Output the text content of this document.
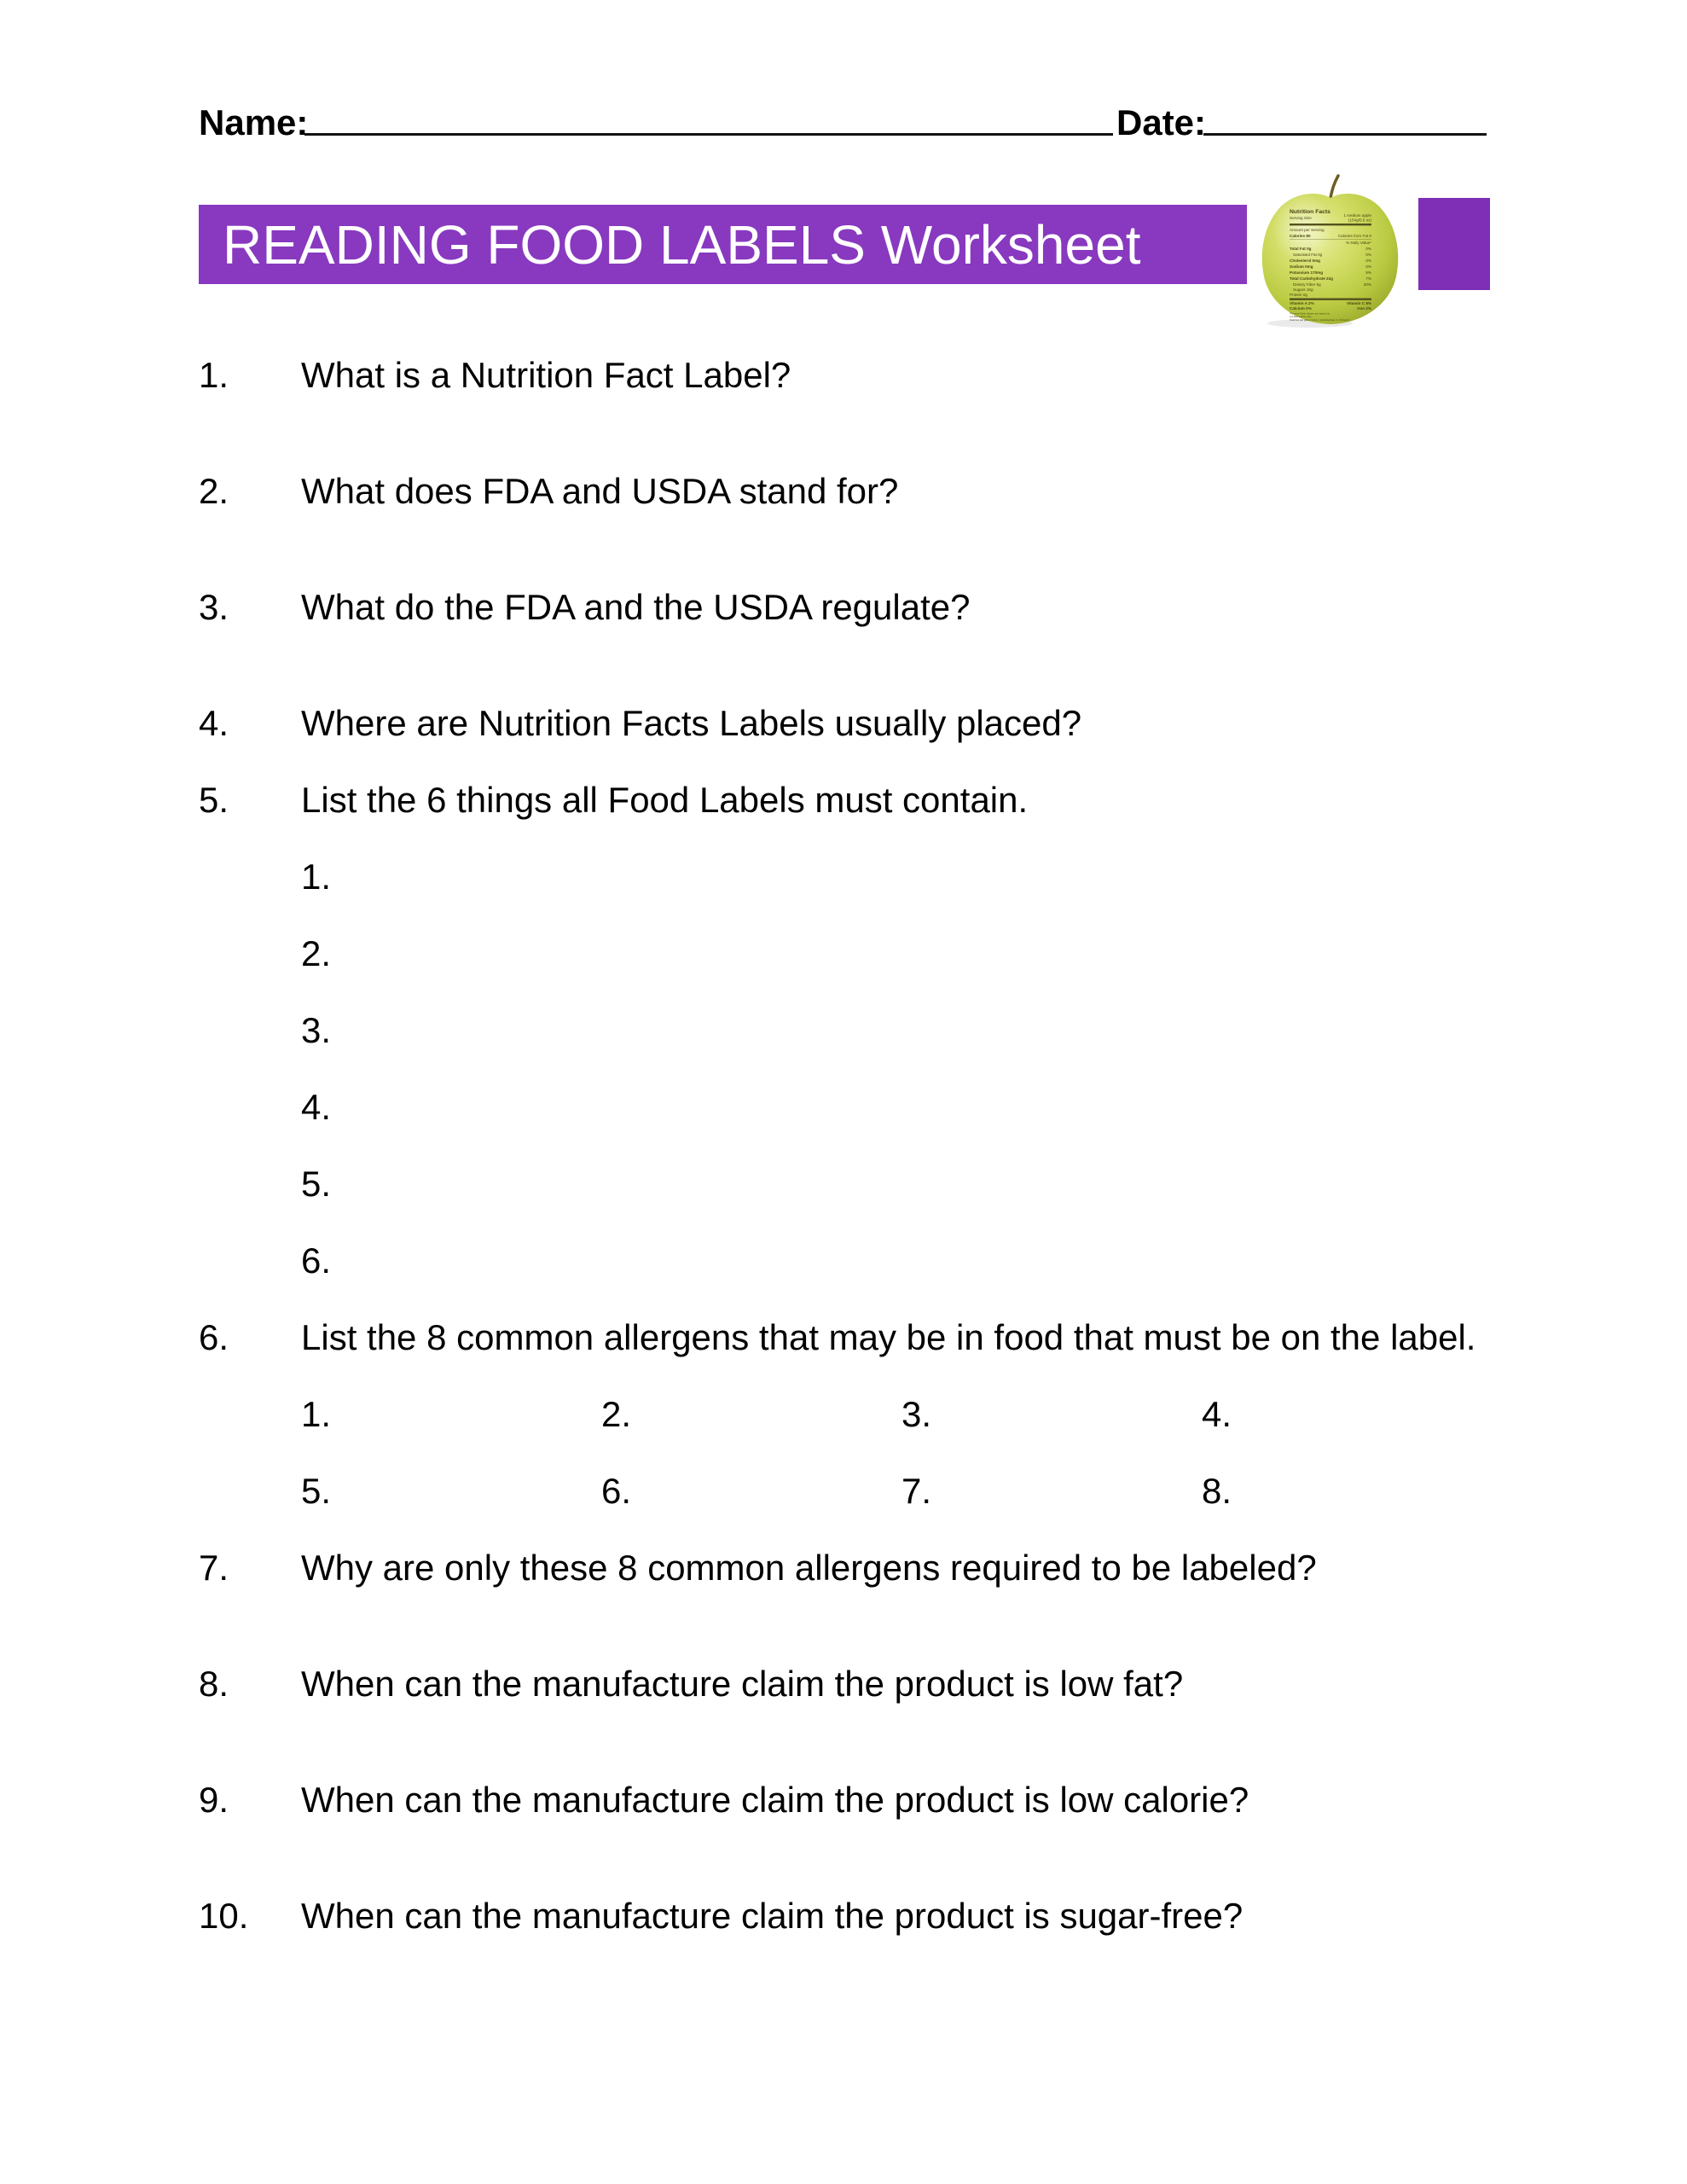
Name:	Date:
READING FOOD LABELS Worksheet
Nutrition Facts
Serving Size
1 medium apple
(154g/5.5 oz)
Amount per Serving
Calories 80	Calories from Fat 0
% Daily Value*
Total Fat 0g	0%
Saturated Fat 0g	0%
Cholesterol 0mg	0%
Sodium 0mg	0%
Potassium 170mg	5%
Total Carbohydrate 22g	7%
Dietary Fiber 5g	20%
Sugars 16g
Protein 0g
Vitamin A 2%	Vitamin C 8%
Calcium 0%	Iron 2%
*Percent Daily Values are based on
a 2,000 calorie diet.
Calories per gram: Fat 9 • Carbohydrate 4 • Protein 4
1. What is a Nutrition Fact Label?
2. What does FDA and USDA stand for?
3. What do the FDA and the USDA regulate?
4. Where are Nutrition Facts Labels usually placed?
5. List the 6 things all Food Labels must contain.
1.
2.
3.
4.
5.
6.
6. List the 8 common allergens that may be in food that must be on the label.
1.	2.	3.	4.
5.	6.	7.	8.
7. Why are only these 8 common allergens required to be labeled?
8. When can the manufacture claim the product is low fat?
9. When can the manufacture claim the product is low calorie?
10. When can the manufacture claim the product is sugar-free?
